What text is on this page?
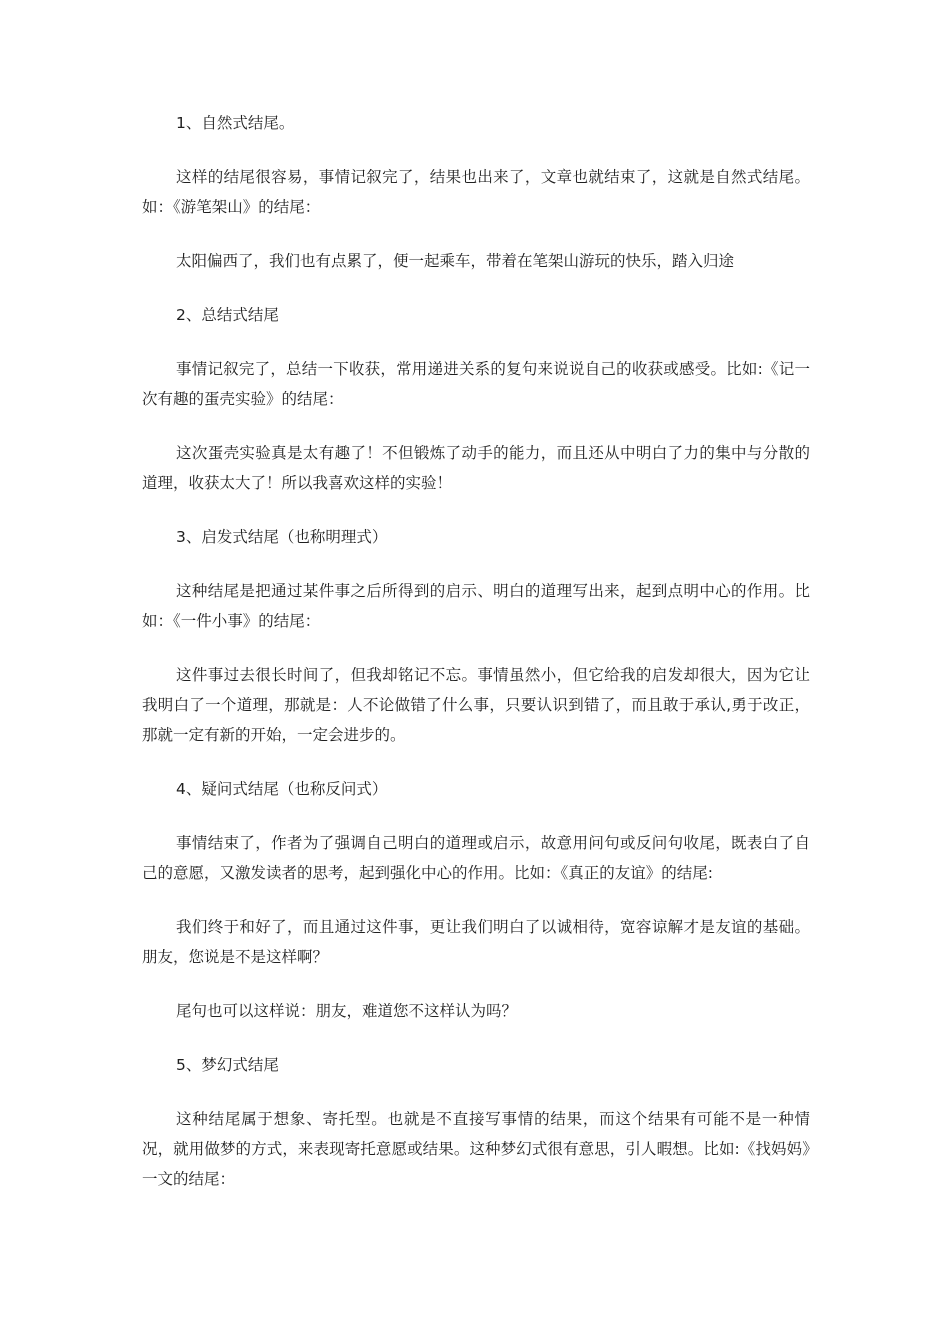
1、自然式结尾。

这样的结尾很容易，事情记叙完了，结果也出来了，文章也就结束了，这就是自然式结尾。如：《游笔架山》的结尾：

太阳偏西了，我们也有点累了，便一起乘车，带着在笔架山游玩的快乐，踏入归途

2、总结式结尾

事情记叙完了，总结一下收获，常用递进关系的复句来说说自己的收获或感受。比如:《记一次有趣的蛋壳实验》的结尾：

这次蛋壳实验真是太有趣了！不但锻炼了动手的能力，而且还从中明白了力的集中与分散的道理，收获太大了！所以我喜欢这样的实验！

3、启发式结尾（也称明理式）

这种结尾是把通过某件事之后所得到的启示、明白的道理写出来，起到点明中心的作用。比如：《一件小事》的结尾：

这件事过去很长时间了，但我却铭记不忘。事情虽然小，但它给我的启发却很大，因为它让我明白了一个道理，那就是：人不论做错了什么事，只要认识到错了，而且敢于承认,勇于改正，那就一定有新的开始，一定会进步的。

4、疑问式结尾（也称反问式）

事情结束了，作者为了强调自己明白的道理或启示，故意用问句或反问句收尾，既表白了自己的意愿，又激发读者的思考，起到强化中心的作用。比如：《真正的友谊》的结尾:

我们终于和好了，而且通过这件事，更让我们明白了以诚相待，宽容谅解才是友谊的基础。朋友，您说是不是这样啊？

尾句也可以这样说：朋友，难道您不这样认为吗？

5、梦幻式结尾

这种结尾属于想象、寄托型。也就是不直接写事情的结果，而这个结果有可能不是一种情况，就用做梦的方式，来表现寄托意愿或结果。这种梦幻式很有意思，引人暇想。比如:《找妈妈》一文的结尾：
